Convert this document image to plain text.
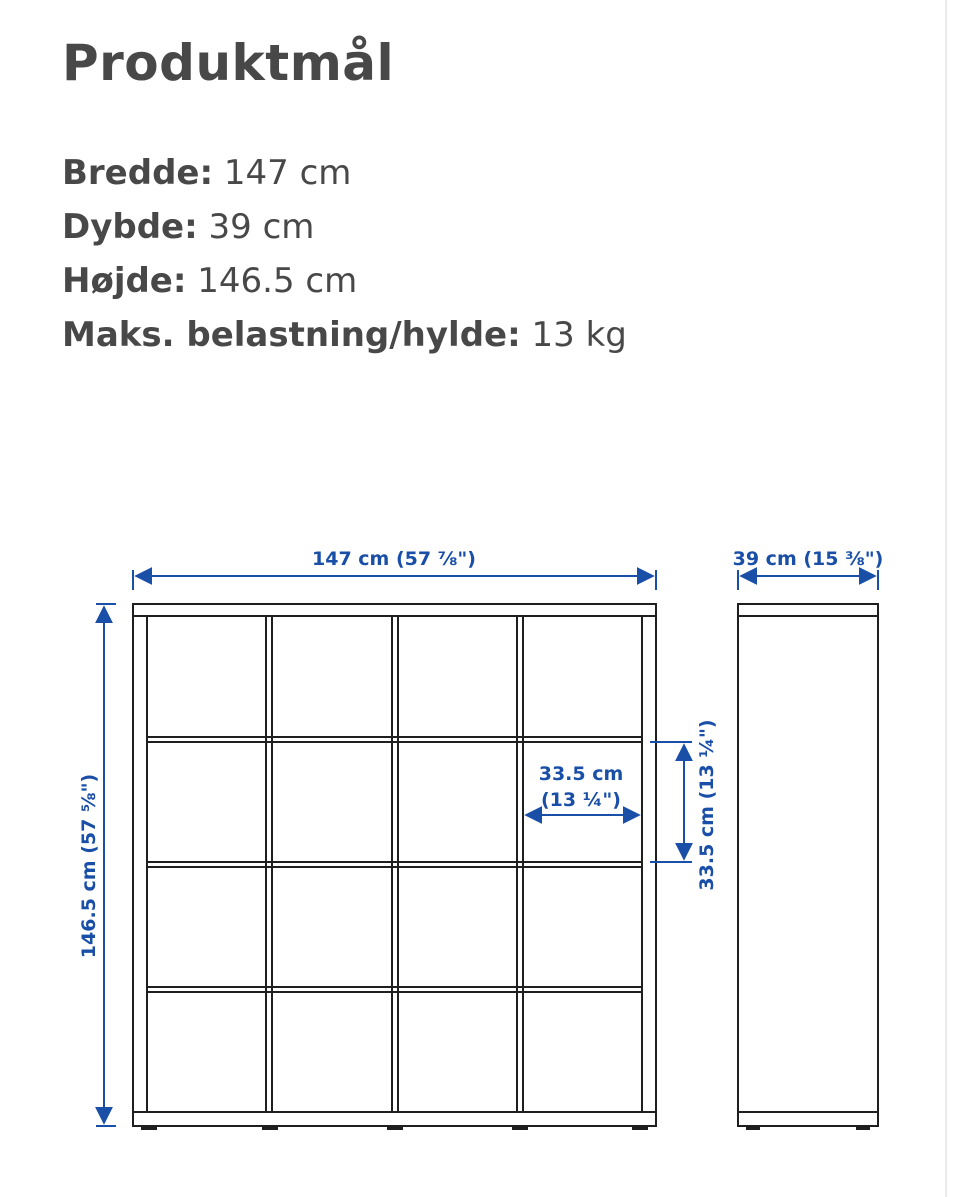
Produktmål
Bredde: 147 cm
Dybde: 39 cm
Højde: 146.5 cm
Maks. belastning/hylde: 13 kg
147 cm (57 ⅞")	39 cm (15 ⅜")
146.5 cm (57 ⅝")	33.5 cm
(13 ¼")	33.5 cm (13 ¼")
